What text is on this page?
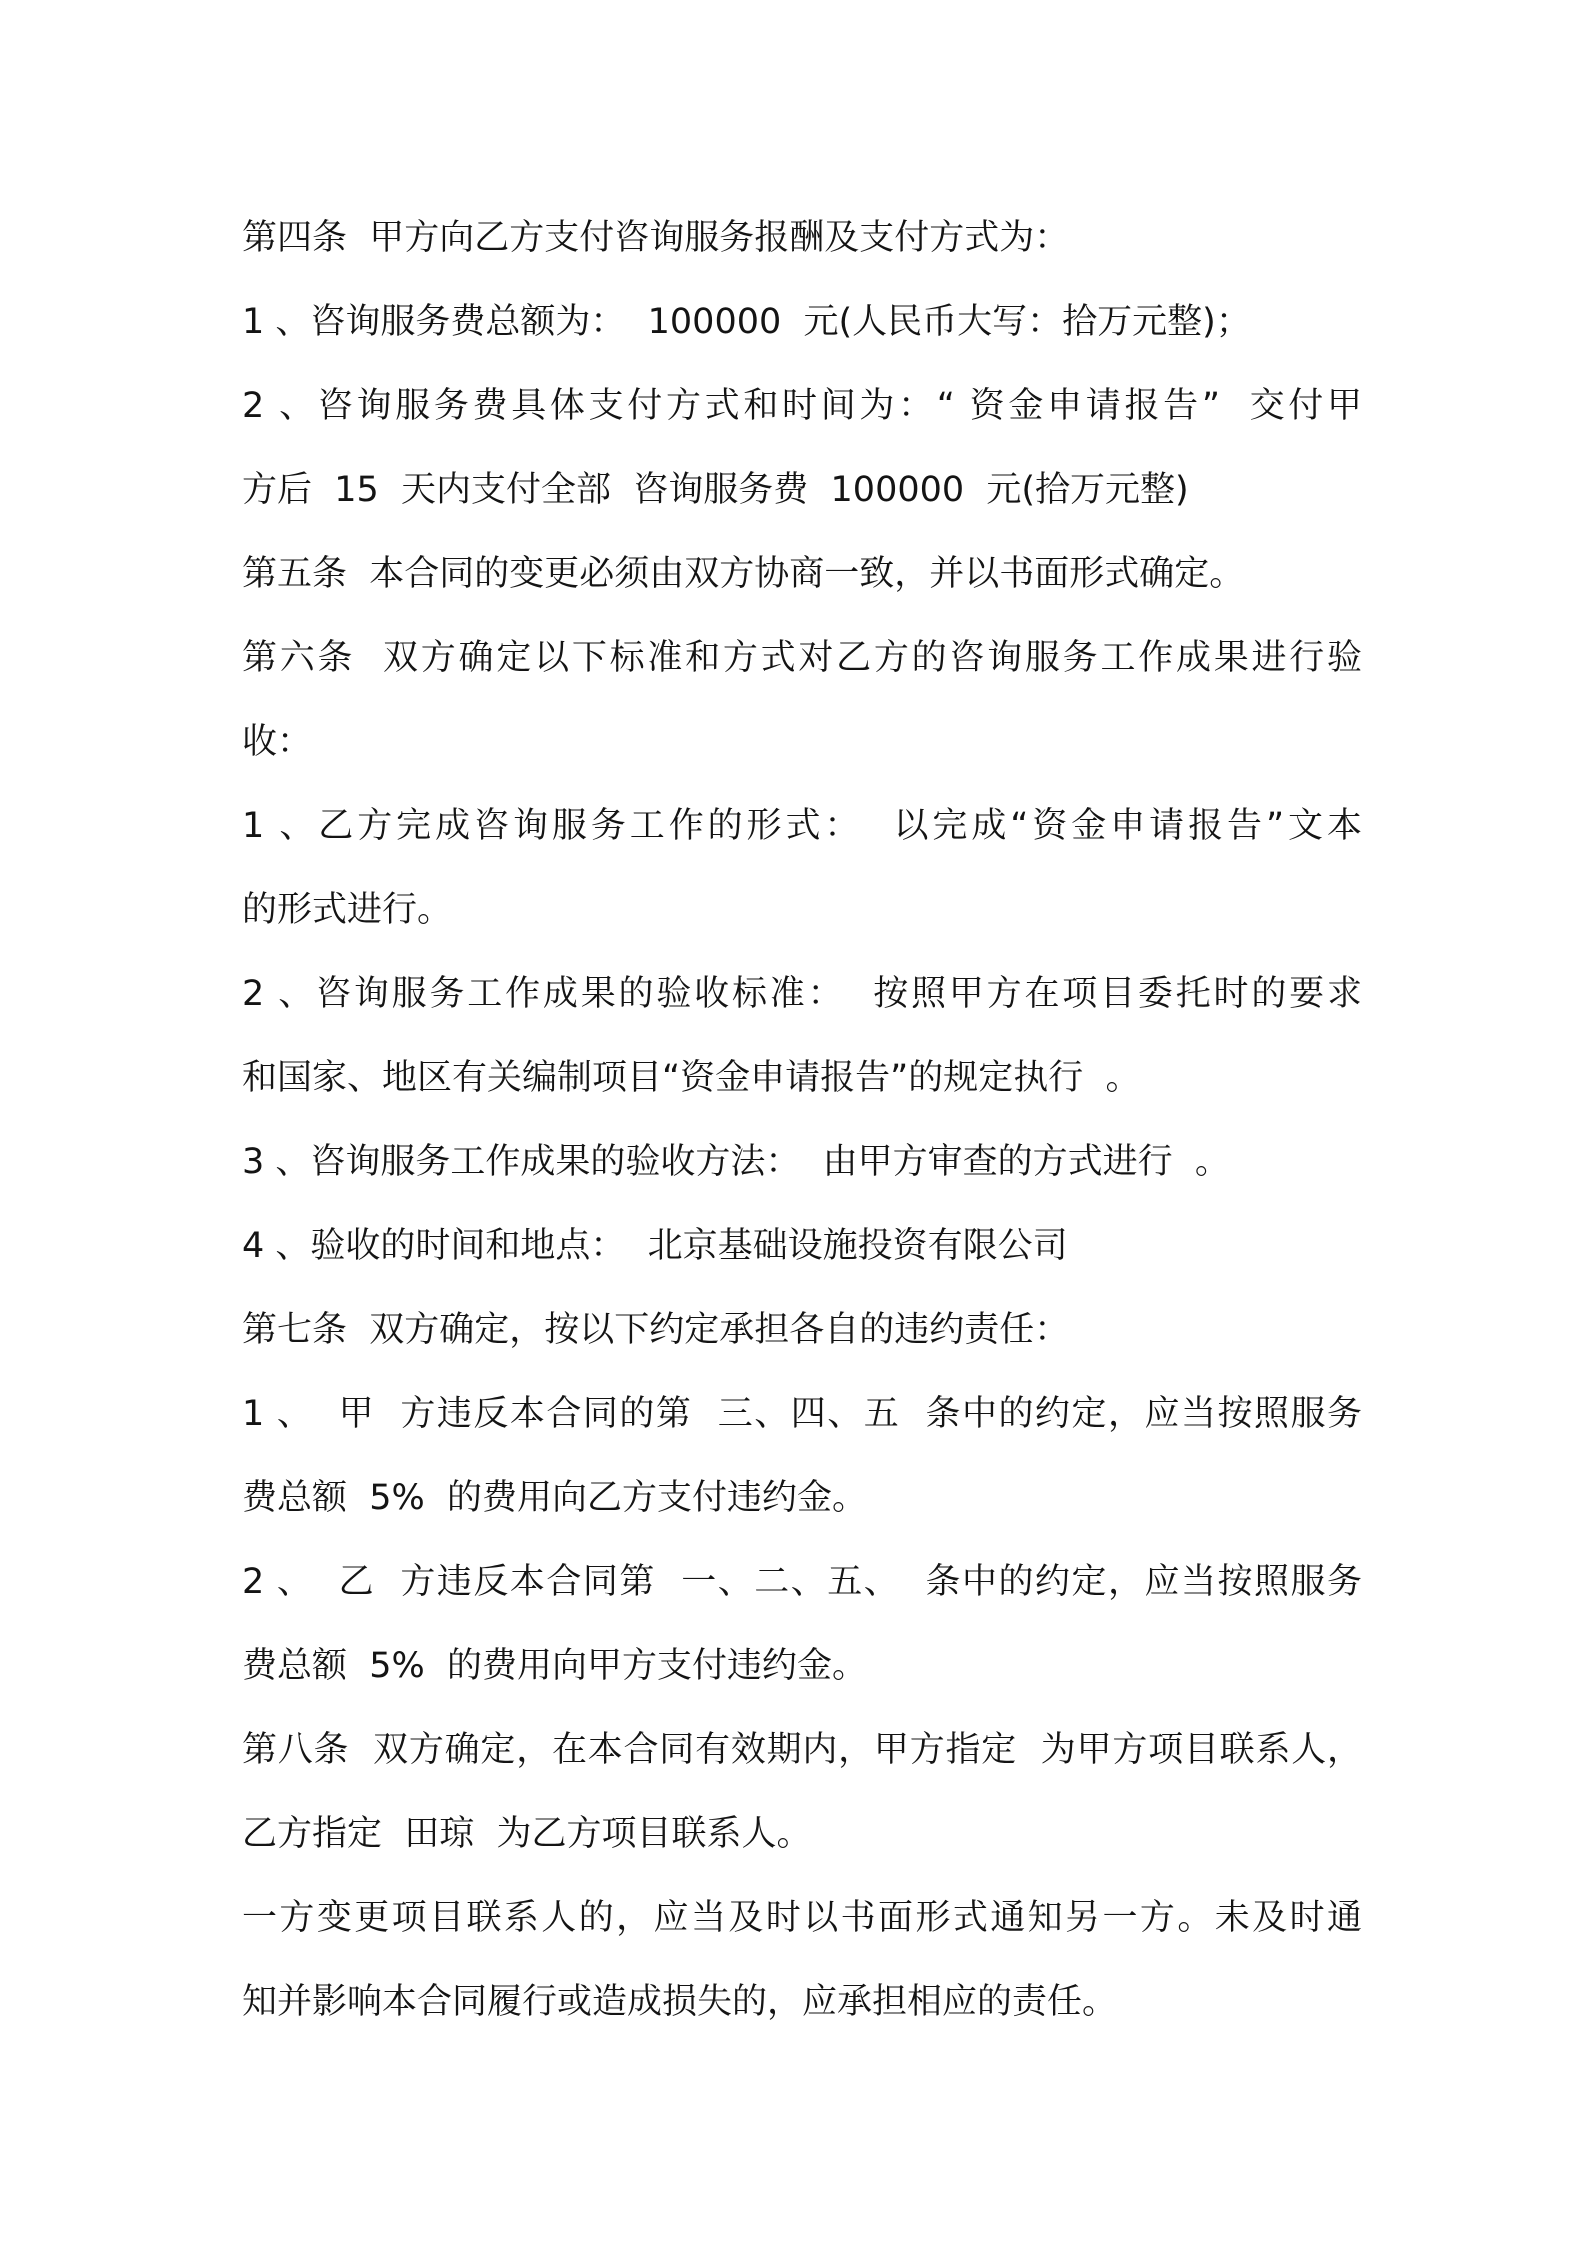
第四条  甲方向乙方支付咨询服务报酬及支付方式为：
1 、咨询服务费总额为：  100000  元(人民币大写：拾万元整)；
2 、咨询服务费具体支付方式和时间为：“ 资金申请报告”  交付甲
方后  15  天内支付全部  咨询服务费  100000  元(拾万元整)
第五条  本合同的变更必须由双方协商一致，并以书面形式确定。
第六条  双方确定以下标准和方式对乙方的咨询服务工作成果进行验
收：
1 、乙方完成咨询服务工作的形式：  以完成“资金申请报告”文本
的形式进行。
2 、咨询服务工作成果的验收标准：  按照甲方在项目委托时的要求
和国家、地区有关编制项目“资金申请报告”的规定执行  。
3 、咨询服务工作成果的验收方法：  由甲方审查的方式进行  。
4 、验收的时间和地点：  北京基础设施投资有限公司
第七条  双方确定，按以下约定承担各自的违约责任：
1 、  甲  方违反本合同的第  三、四、五  条中的约定，应当按照服务
费总额  5%  的费用向乙方支付违约金。
2 、  乙  方违反本合同第  一、二、五、  条中的约定，应当按照服务
费总额  5%  的费用向甲方支付违约金。
第八条  双方确定，在本合同有效期内，甲方指定  为甲方项目联系人，
乙方指定  田琼  为乙方项目联系人。
一方变更项目联系人的，应当及时以书面形式通知另一方。未及时通
知并影响本合同履行或造成损失的，应承担相应的责任。
